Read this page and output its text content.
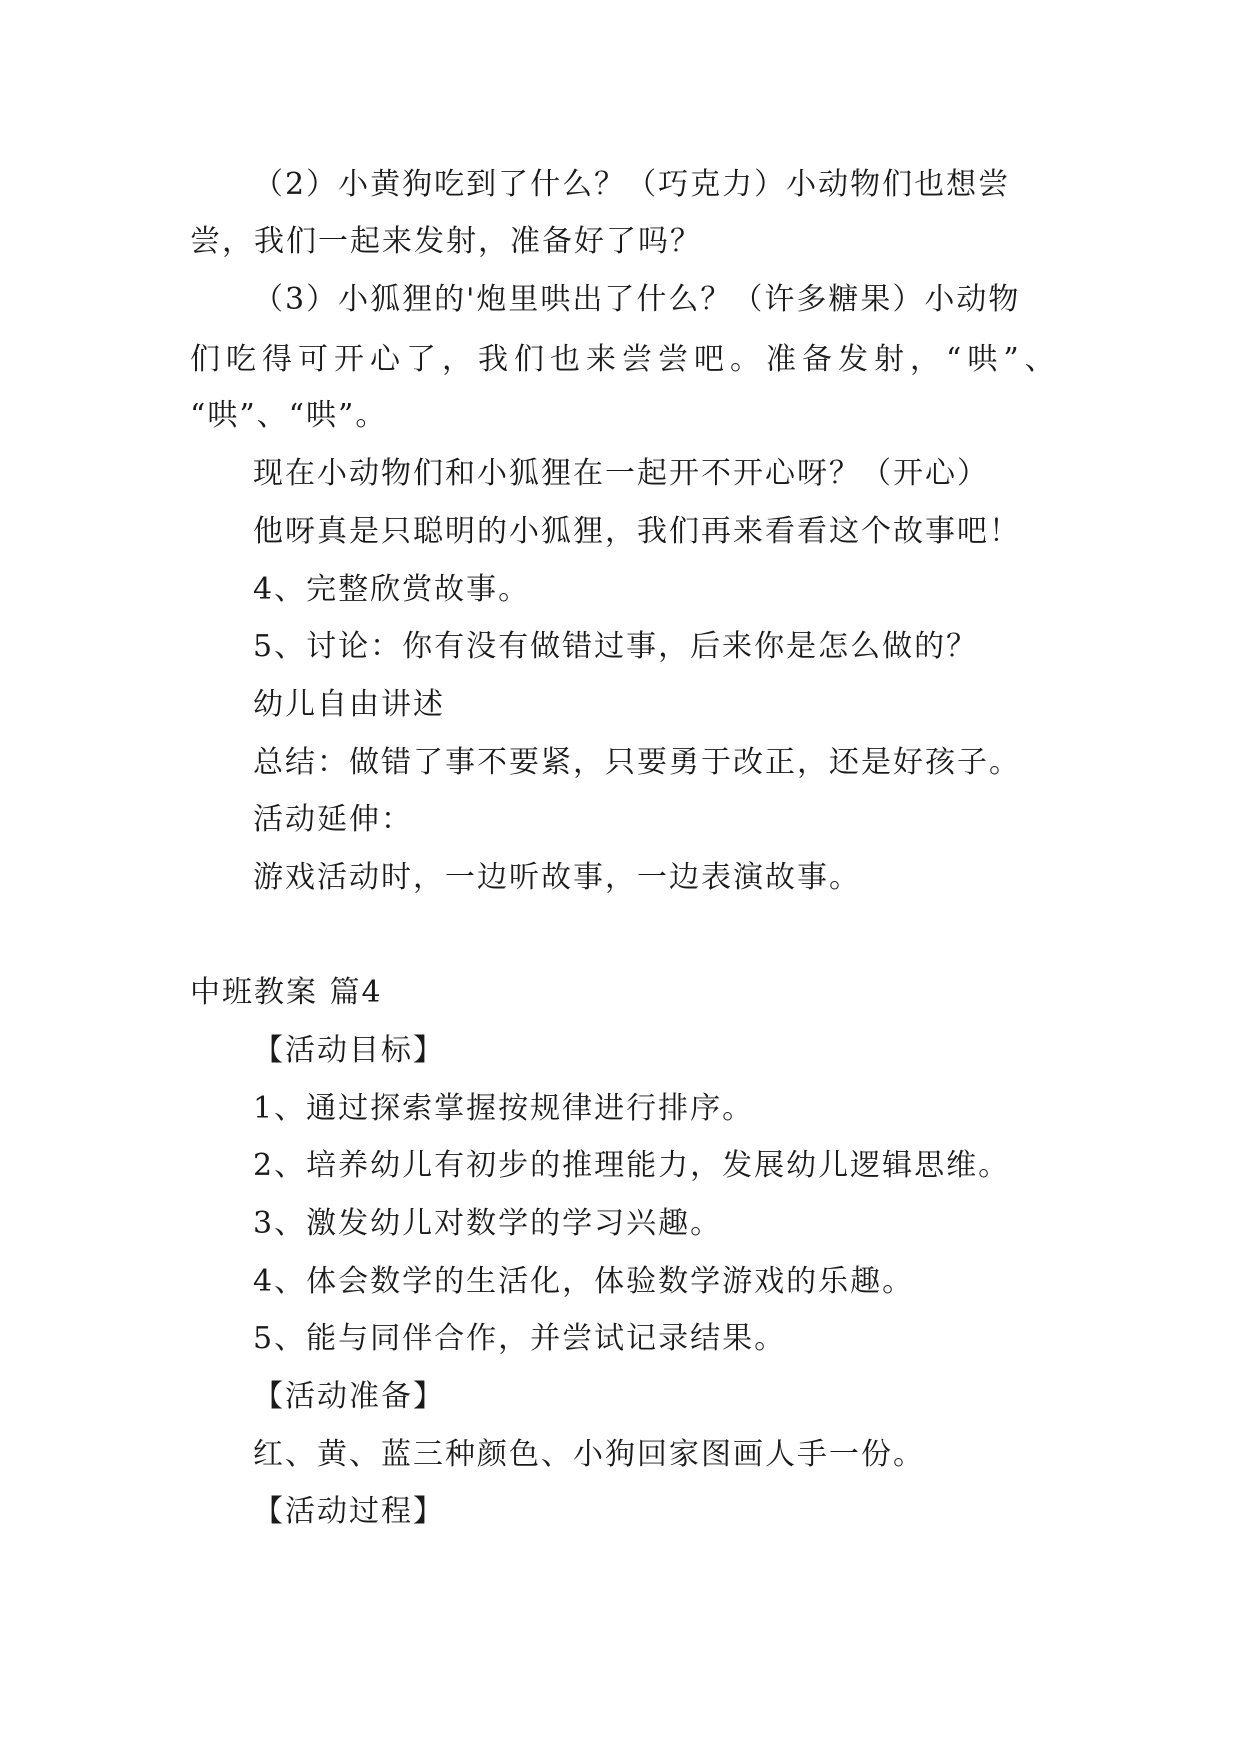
（2）小黄狗吃到了什么？（巧克力）小动物们也想尝
尝，我们一起来发射，准备好了吗？
（3）小狐狸的'炮里哄出了什么？（许多糖果）小动物
们吃得可开心了，我们也来尝尝吧。准备发射，“哄”、
“哄”、“哄”。
现在小动物们和小狐狸在一起开不开心呀？（开心）
他呀真是只聪明的小狐狸，我们再来看看这个故事吧！
4、完整欣赏故事。
5、讨论：你有没有做错过事，后来你是怎么做的？
幼儿自由讲述
总结：做错了事不要紧，只要勇于改正，还是好孩子。
活动延伸：
游戏活动时，一边听故事，一边表演故事。
中班教案 篇4
【活动目标】
1、通过探索掌握按规律进行排序。
2、培养幼儿有初步的推理能力，发展幼儿逻辑思维。
3、激发幼儿对数学的学习兴趣。
4、体会数学的生活化，体验数学游戏的乐趣。
5、能与同伴合作，并尝试记录结果。
【活动准备】
红、黄、蓝三种颜色、小狗回家图画人手一份。
【活动过程】
